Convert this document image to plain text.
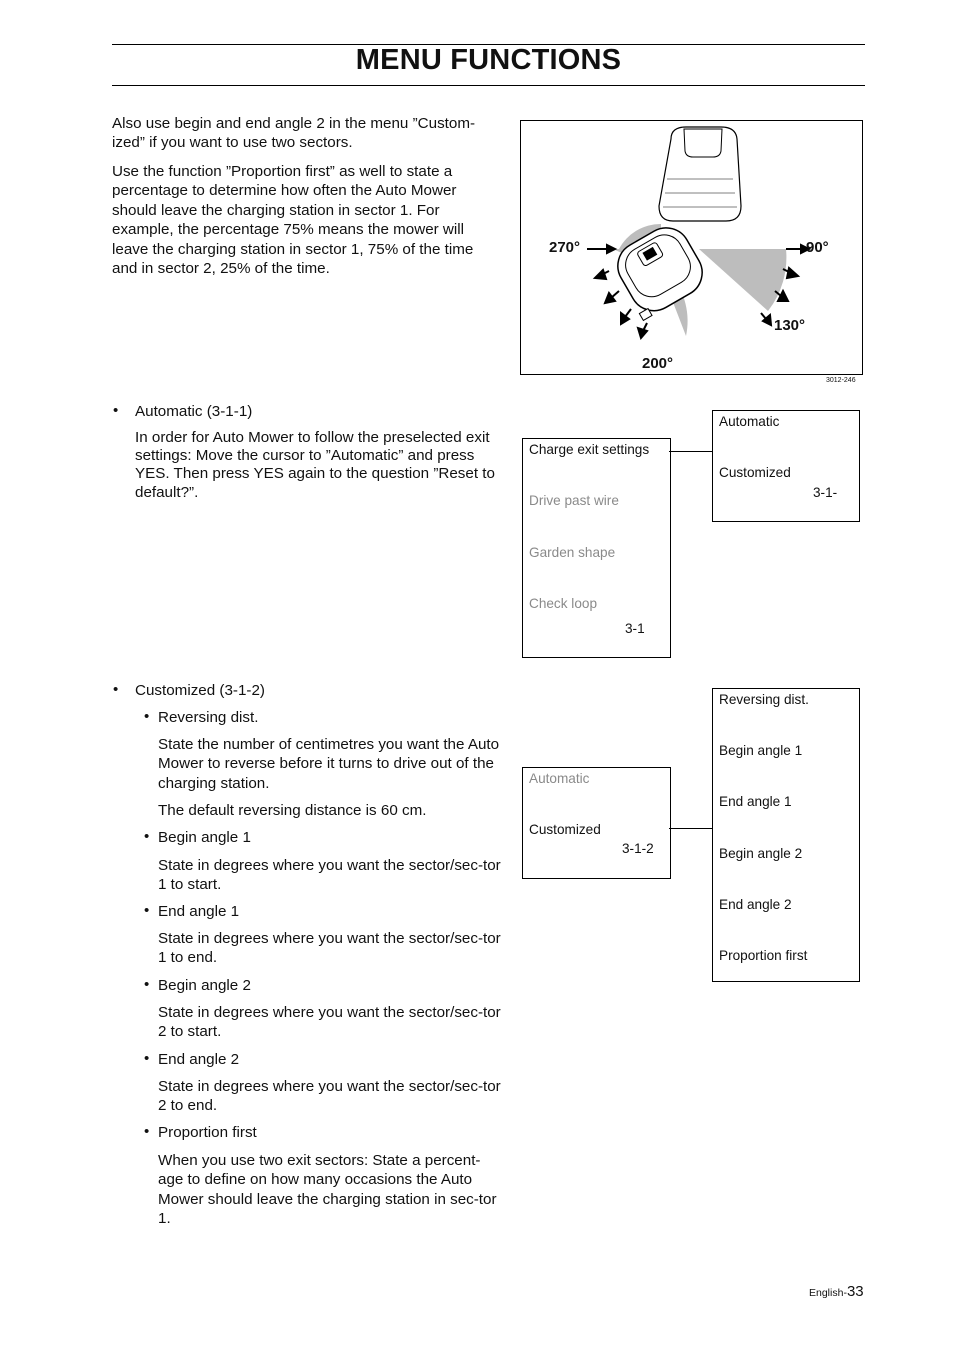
MENU FUNCTIONS

Also use begin and end angle 2 in the menu ”Custom-ized” if you want to use two sectors.

Use the function ”Proportion first” as well to state a percentage to determine how often the Auto Mower should leave the charging station in sector 1. For example, the percentage 75% means the mower will leave the charging station in sector 1, 75% of the time and in sector 2, 25% of the time.

270°	90°
130°
200°
3012-246
• Automatic (3-1-1)

In order for Auto Mower to follow the preselected exit settings: Move the cursor to ”Automatic” and press YES. Then press YES again to the question ”Reset to default?”.

Charge exit settings
Drive past wire
Garden shape
Check loop
3-1
Automatic
Customized
3-1-
• Customized (3-1-2)

• Reversing dist.

State the number of centimetres you want the Auto Mower to reverse before it turns to drive out of the charging station.

The default reversing distance is 60 cm.

• Begin angle 1

State in degrees where you want the sector/sec-tor 1 to start.

• End angle 1

State in degrees where you want the sector/sec-tor 1 to end.

• Begin angle 2

State in degrees where you want the sector/sec-tor 2 to start.

• End angle 2

State in degrees where you want the sector/sec-tor 2 to end.

• Proportion first

When you use two exit sectors: State a percent-age to define on how many occasions the Auto Mower should leave the charging station in sec-tor 1.

Automatic
Customized
3-1-2
Reversing dist.
Begin angle 1
End angle 1
Begin angle 2
End angle 2
Proportion first
English-33
